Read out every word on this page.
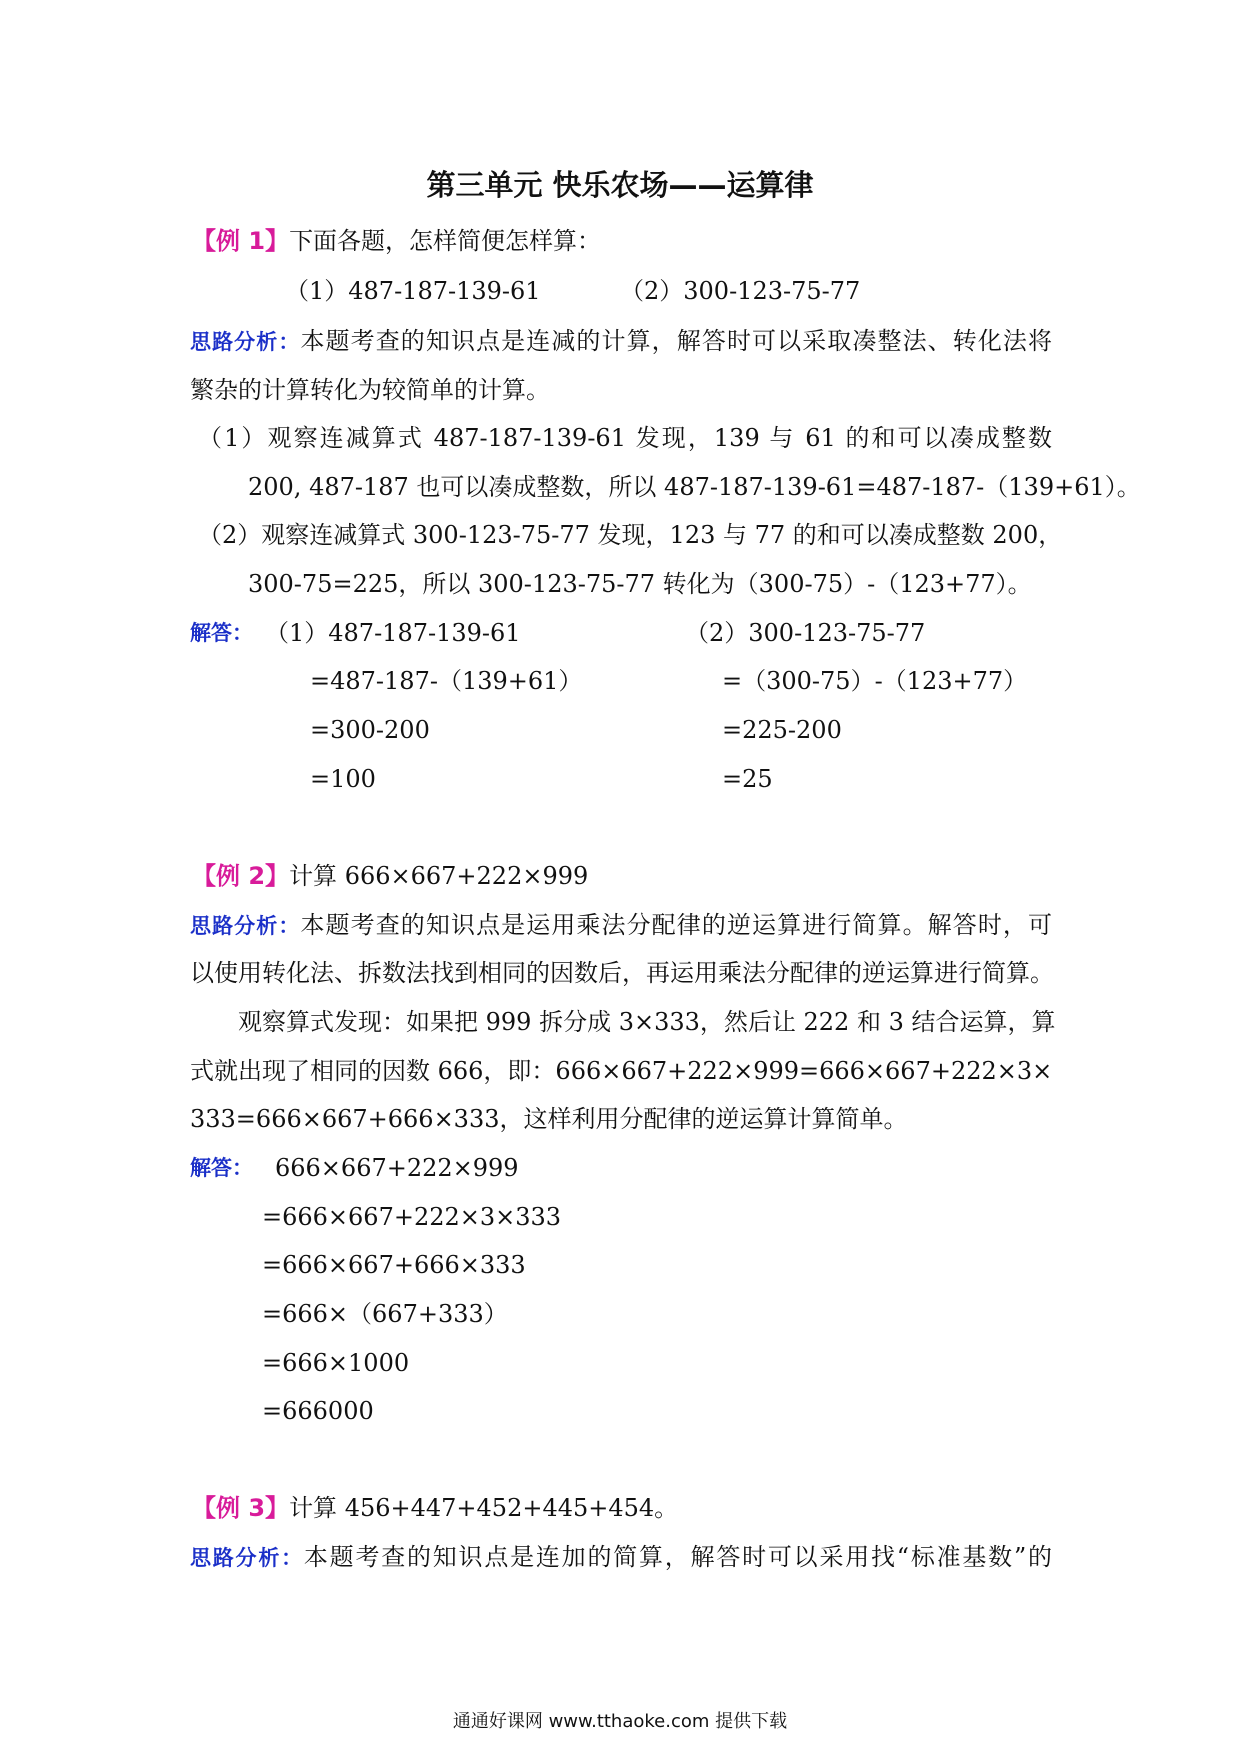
第三单元 快乐农场——运算律
【例 1】下面各题，怎样简便怎样算：
（1）487-187-139-61	（2）300-123-75-77
思路分析：本题考查的知识点是连减的计算，解答时可以采取凑整法、转化法将
繁杂的计算转化为较简单的计算。
（1）观察连减算式 487-187-139-61 发现，139 与 61 的和可以凑成整数
200, 487-187 也可以凑成整数，所以 487-187-139-61=487-187-（139+61）。
（2）观察连减算式 300-123-75-77 发现，123 与 77 的和可以凑成整数 200，
300-75=225，所以 300-123-75-77 转化为（300-75）-（123+77）。
解答： （1）487-187-139-61
=487-187-（139+61）
=300-200
=100
（2）300-123-75-77
=（300-75）-（123+77）
=225-200
=25
【例 2】计算 666×667+222×999
思路分析：本题考查的知识点是运用乘法分配律的逆运算进行简算。解答时，可
以使用转化法、拆数法找到相同的因数后，再运用乘法分配律的逆运算进行简算。
观察算式发现：如果把 999 拆分成 3×333，然后让 222 和 3 结合运算，算
式就出现了相同的因数 666，即：666×667+222×999=666×667+222×3×
333=666×667+666×333，这样利用分配律的逆运算计算简单。
解答： 666×667+222×999
=666×667+222×3×333
=666×667+666×333
=666×（667+333）
=666×1000
=666000
【例 3】计算 456+447+452+445+454。
思路分析：本题考查的知识点是连加的简算，解答时可以采用找“标准基数”的
通通好课网 www.tthaoke.com 提供下载
